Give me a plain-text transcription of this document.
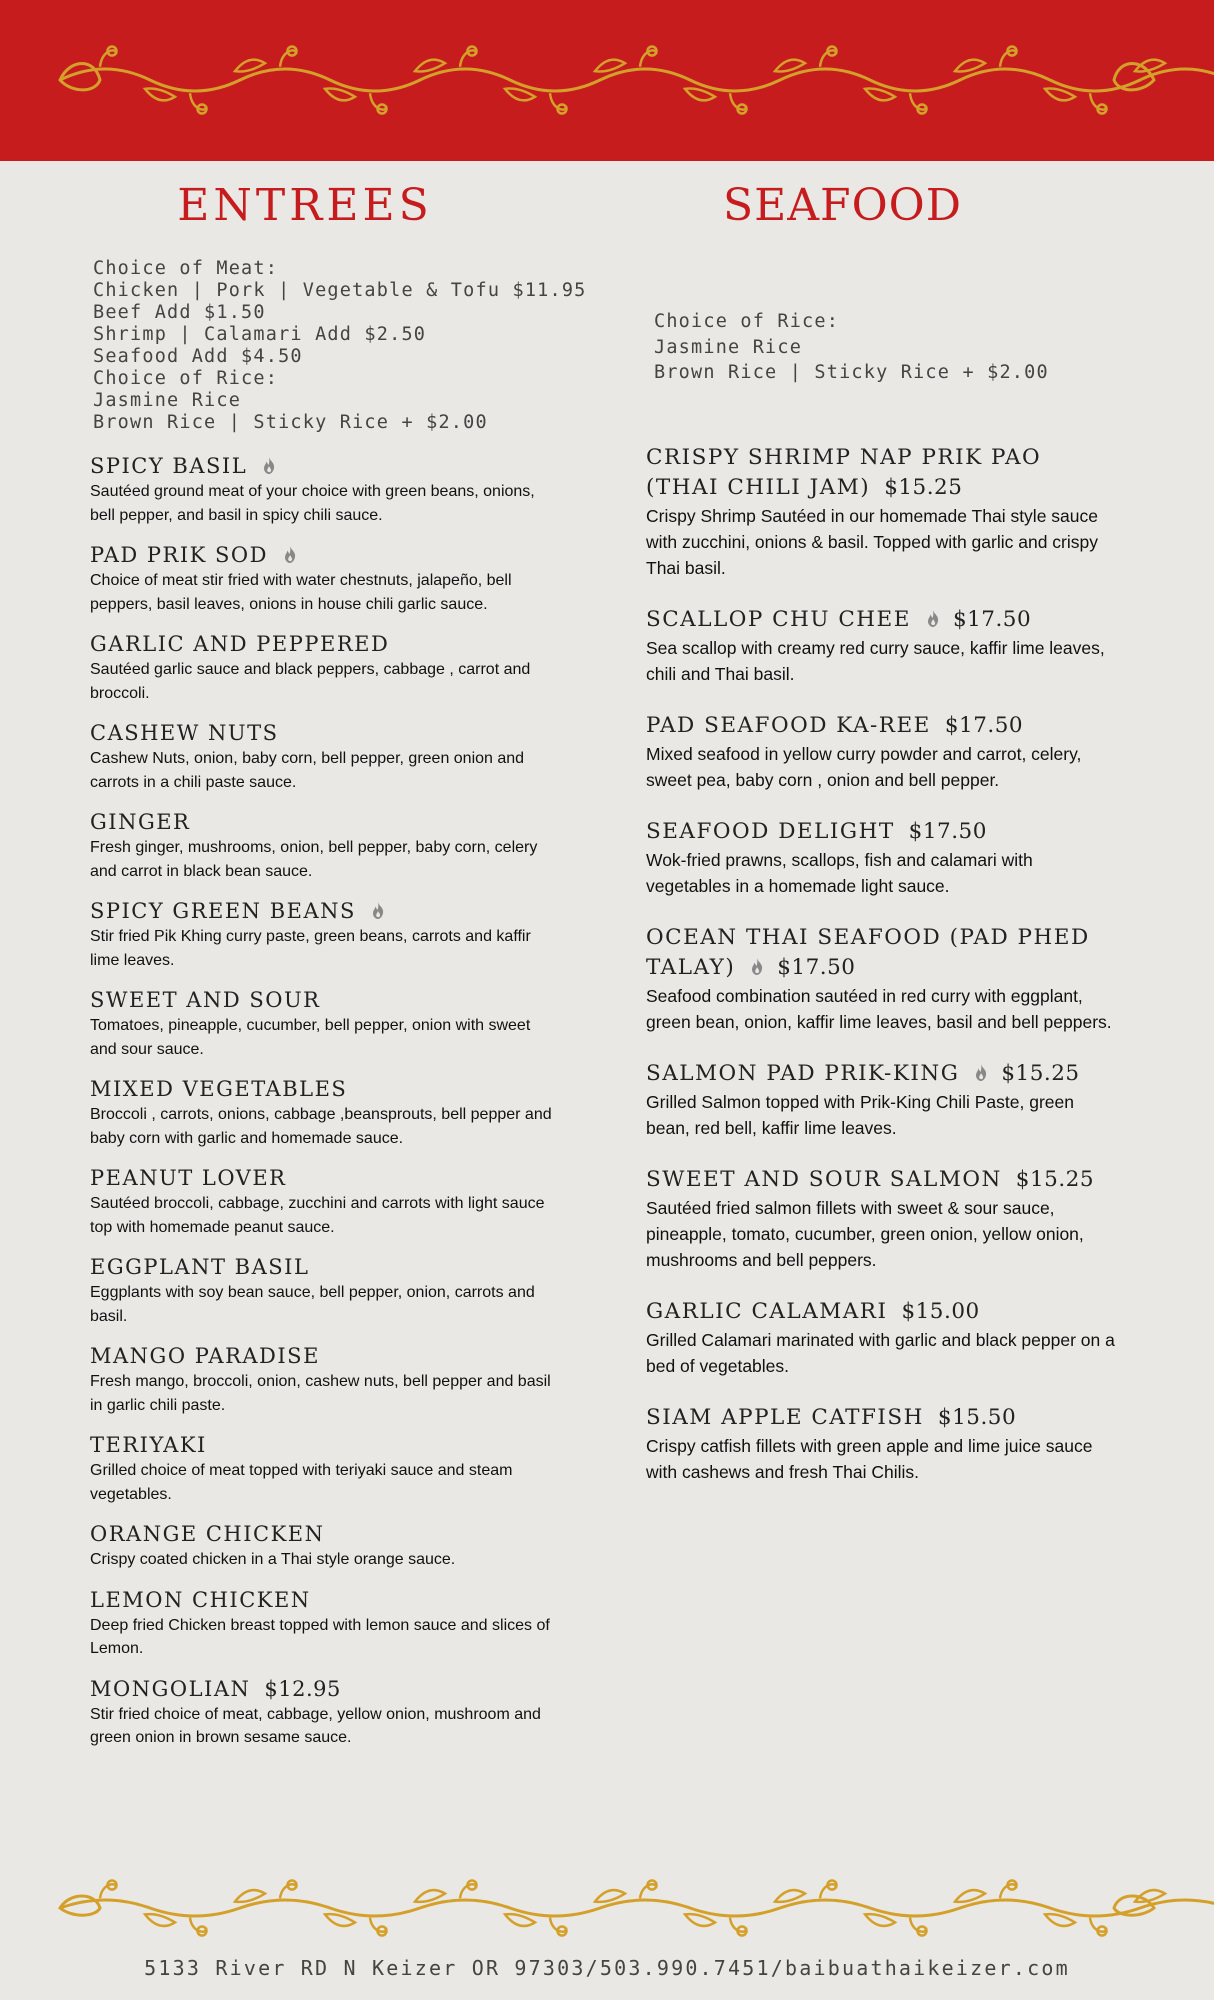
ENTREES	SEAFOOD
Choice of Meat:
Chicken | Pork | Vegetable & Tofu $11.95
Beef Add $1.50
Shrimp | Calamari Add $2.50
Seafood Add $4.50
Choice of Rice:
Jasmine Rice
Brown Rice | Sticky Rice + $2.00
Choice of Rice:
Jasmine Rice
Brown Rice | Sticky Rice + $2.00
SPICY BASIL

Sautéed ground meat of your choice with green beans, onions, bell pepper, and basil in spicy chili sauce.

PAD PRIK SOD

Choice of meat stir fried with water chestnuts, jalapeño, bell peppers, basil leaves, onions in house chili garlic sauce.

GARLIC AND PEPPERED

Sautéed garlic sauce and black peppers, cabbage , carrot and broccoli.

CASHEW NUTS

Cashew Nuts, onion, baby corn, bell pepper, green onion and carrots in a chili paste sauce.

GINGER

Fresh ginger, mushrooms, onion, bell pepper, baby corn, celery and carrot in black bean sauce.

SPICY GREEN BEANS

Stir fried Pik Khing curry paste, green beans, carrots and kaffir lime leaves.

SWEET AND SOUR

Tomatoes, pineapple, cucumber, bell pepper, onion with sweet and sour sauce.

MIXED VEGETABLES

Broccoli , carrots, onions, cabbage ,beansprouts, bell pepper and baby corn with garlic and homemade sauce.

PEANUT LOVER

Sautéed broccoli, cabbage, zucchini and carrots with light sauce top with homemade peanut sauce.

EGGPLANT BASIL

Eggplants with soy bean sauce, bell pepper, onion, carrots and basil.

MANGO PARADISE

Fresh mango, broccoli, onion, cashew nuts, bell pepper and basil in garlic chili paste.

TERIYAKI

Grilled choice of meat topped with teriyaki sauce and steam vegetables.

ORANGE CHICKEN

Crispy coated chicken in a Thai style orange sauce.

LEMON CHICKEN

Deep fried Chicken breast topped with lemon sauce and slices of Lemon.

MONGOLIAN $12.95

Stir fried choice of meat, cabbage, yellow onion, mushroom and green onion in brown sesame sauce.

CRISPY SHRIMP NAP PRIK PAO (THAI CHILI JAM) $15.25

Crispy Shrimp Sautéed in our homemade Thai style sauce with zucchini, onions & basil. Topped with garlic and crispy Thai basil.

SCALLOP CHU CHEE $17.50

Sea scallop with creamy red curry sauce, kaffir lime leaves, chili and Thai basil.

PAD SEAFOOD KA-REE $17.50

Mixed seafood in yellow curry powder and carrot, celery, sweet pea, baby corn , onion and bell pepper.

SEAFOOD DELIGHT $17.50

Wok-fried prawns, scallops, fish and calamari with vegetables in a homemade light sauce.

OCEAN THAI SEAFOOD (PAD PHED TALAY) $17.50

Seafood combination sautéed in red curry with eggplant, green bean, onion, kaffir lime leaves, basil and bell peppers.

SALMON PAD PRIK-KING $15.25

Grilled Salmon topped with Prik-King Chili Paste, green bean, red bell, kaffir lime leaves.

SWEET AND SOUR SALMON $15.25

Sautéed fried salmon fillets with sweet & sour sauce, pineapple, tomato, cucumber, green onion, yellow onion, mushrooms and bell peppers.

GARLIC CALAMARI $15.00

Grilled Calamari marinated with garlic and black pepper on a bed of vegetables.

SIAM APPLE CATFISH $15.50

Crispy catfish fillets with green apple and lime juice sauce with cashews and fresh Thai Chilis.

5133 River RD N Keizer OR 97303/503.990.7451/baibuathaikeizer.com
